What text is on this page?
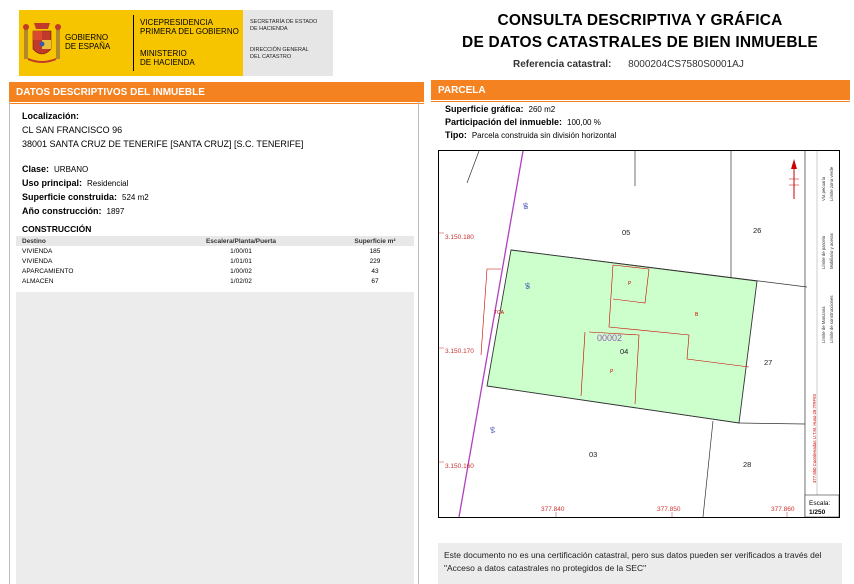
GOBIERNO
DE ESPAÑA
VICEPRESIDENCIA
PRIMERA DEL GOBIERNO
MINISTERIO
DE HACIENDA
SECRETARÍA DE ESTADO
DE HACIENDA
DIRECCIÓN GENERAL
DEL CATASTRO
CONSULTA DESCRIPTIVA Y GRÁFICA
DE DATOS CATASTRALES DE BIEN INMUEBLE
Referencia catastral: 8000204CS7580S0001AJ
DATOS DESCRIPTIVOS DEL INMUEBLE
Localización:
CL SAN FRANCISCO 96
38001 SANTA CRUZ DE TENERIFE [SANTA CRUZ] [S.C. TENERIFE]
Clase: URBANO
Uso principal: Residencial
Superficie construida: 524 m2
Año construcción: 1897
CONSTRUCCIÓN
Destino	Escalera/Planta/Puerta	Superficie m²
VIVIENDA	1/00/01	185
VIVIENDA	1/01/01	229
APARCAMIENTO	1/00/02	43
ALMACEN	1/02/02	67
PARCELA
Superficie gráfica: 260 m2
Participación del inmueble: 100,00 %
Tipo: Parcela construida sin división horizontal
05	26
04
27
03
28
00002
98
96
94
P
B
P
TCA
3.150.180
3.150.170
3.150.160
377.840	377.850	377.860
Vía pecuaria Límite zona verde
Límite de parcela Mobiliario y aceras
Límite de Manzana Límite de construcciones
377.850 Coordenadas U.T.M. Huso 28 ITRF93
Escala:
1/250
Este documento no es una certificación catastral, pero sus datos pueden ser verificados a través del "Acceso a datos catastrales no protegidos de la SEC"
